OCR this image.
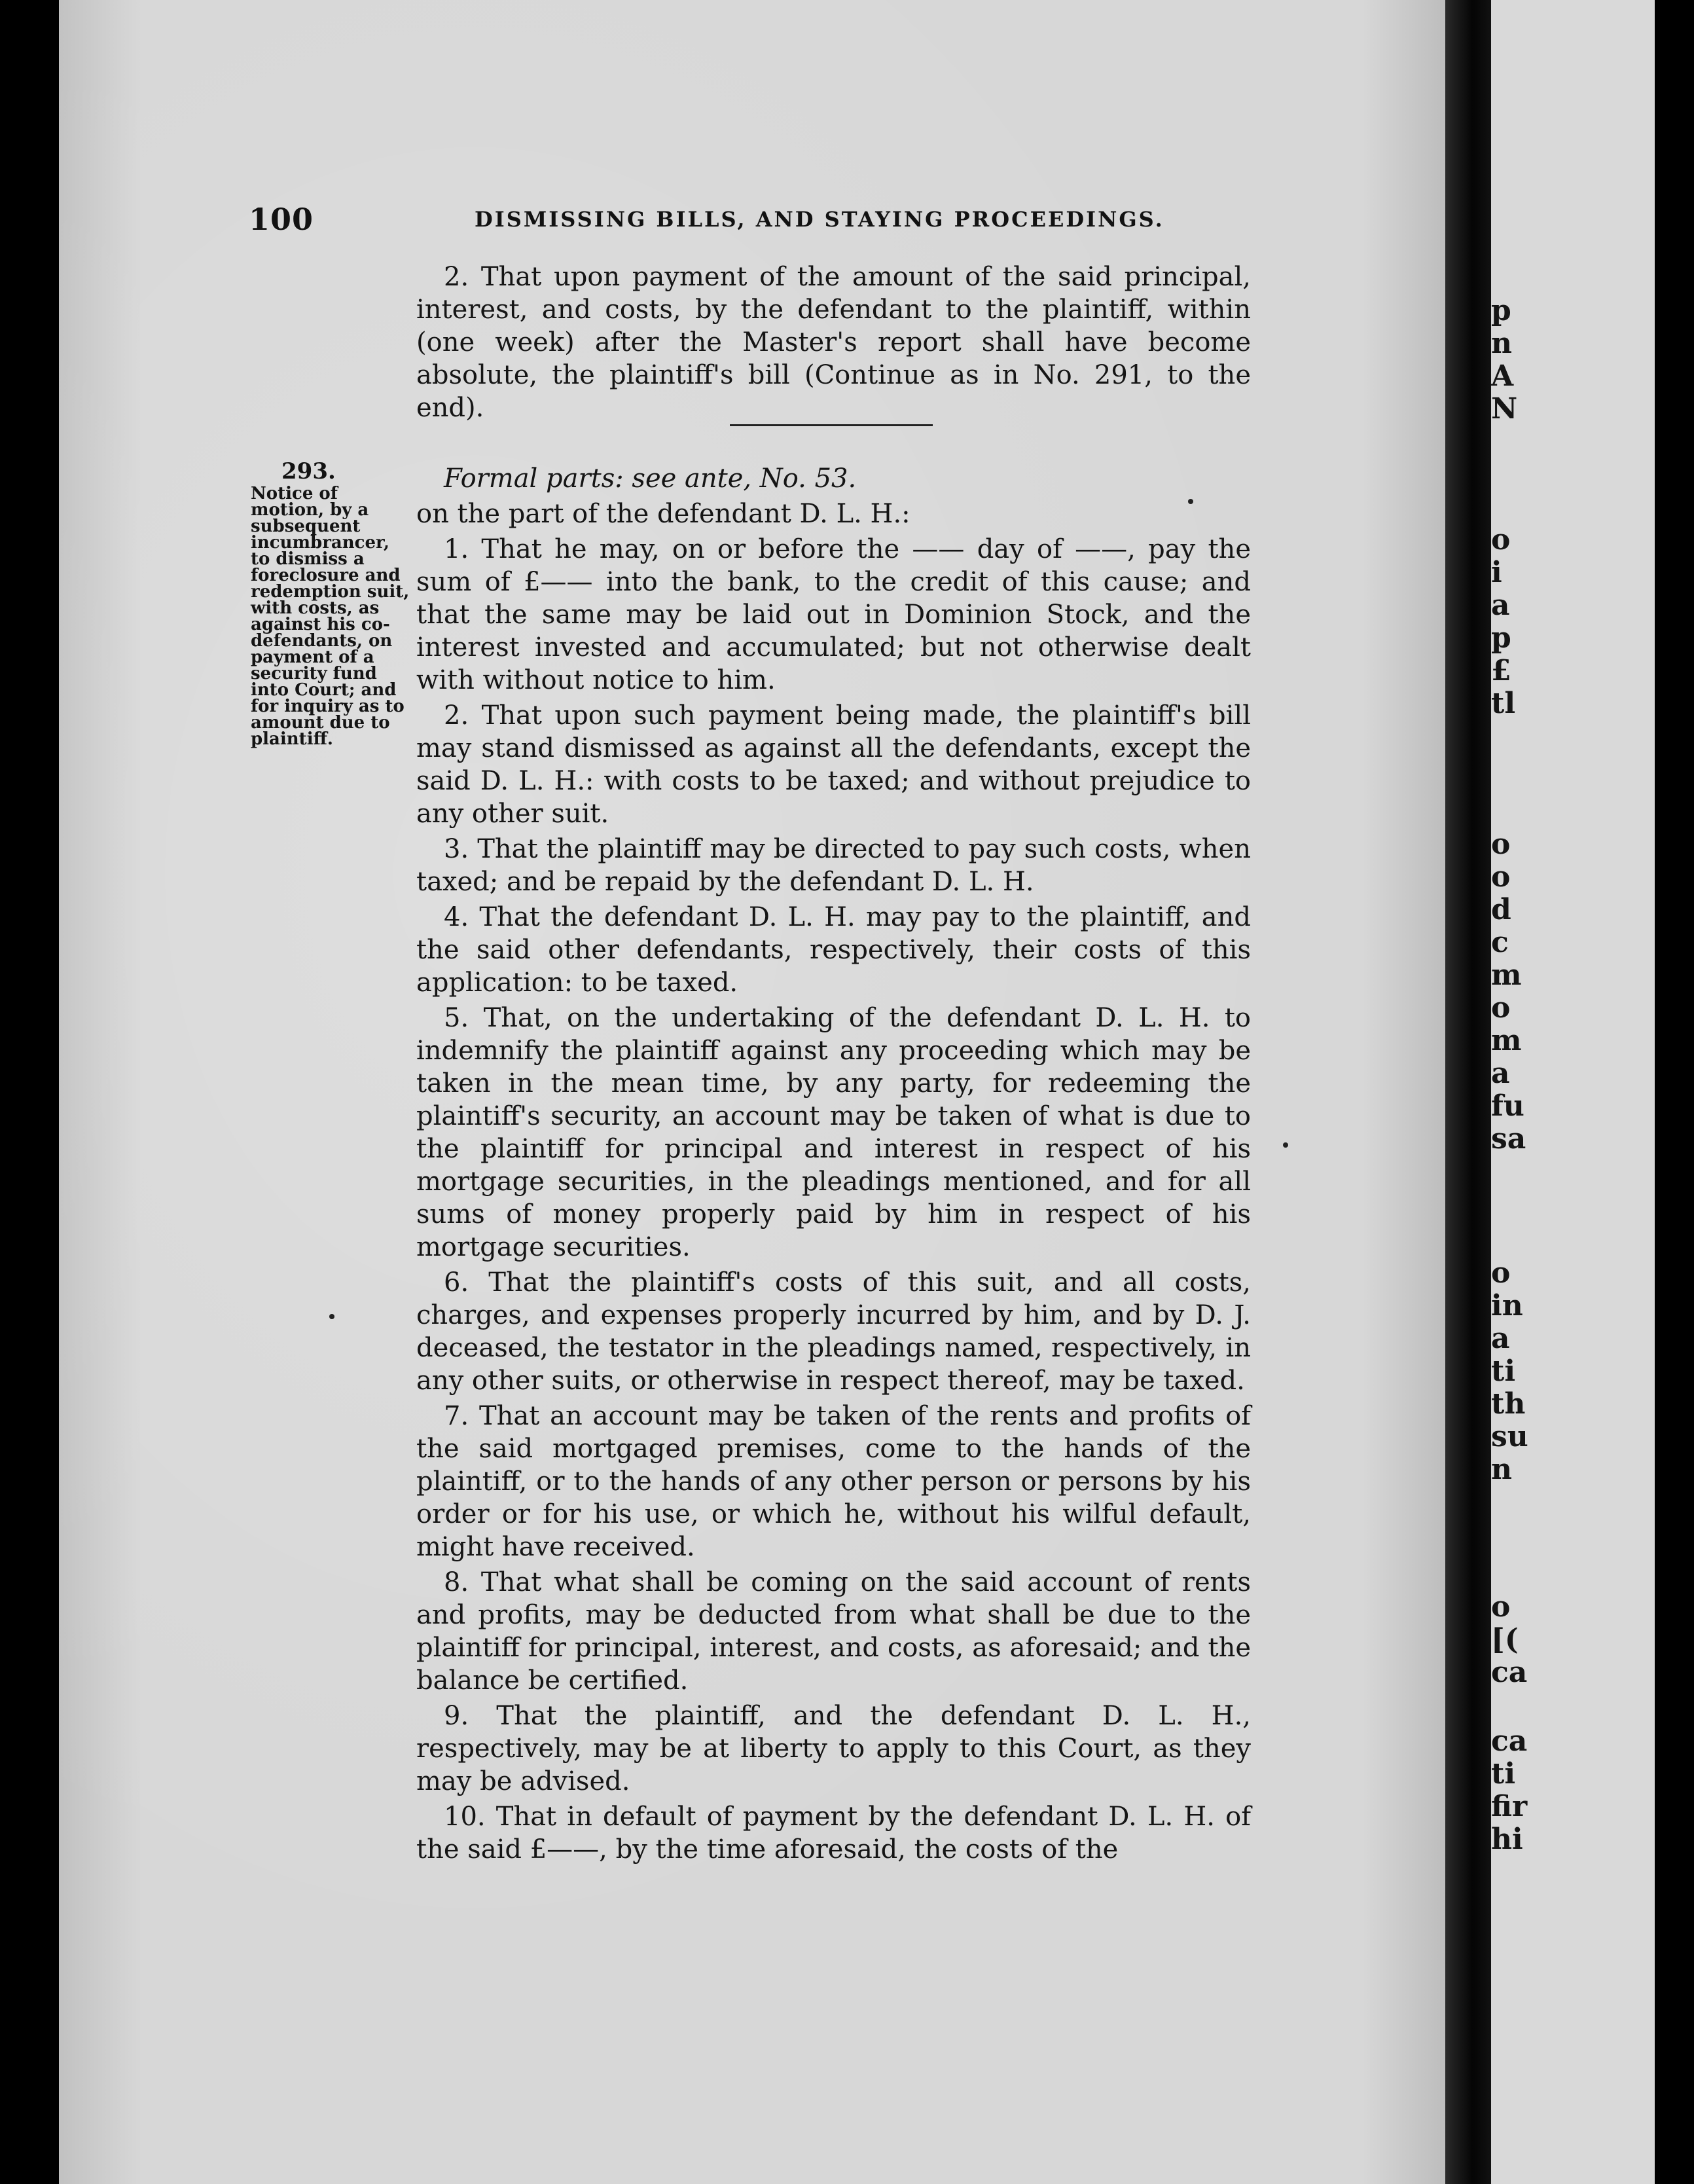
100	DISMISSING BILLS, AND STAYING PROCEEDINGS.

2. That upon payment of the amount of the said principal, interest, and costs, by the defendant to the plaintiff, within (one week) after the Master's report shall have become absolute, the plaintiff's bill (Continue as in No. 291, to the end).

293.
Notice of motion, by a subsequent incumbrancer, to dismiss a foreclosure and redemption suit, with costs, as against his co-defendants, on payment of a security fund into Court; and for inquiry as to amount due to plaintiff.

Formal parts: see ante, No. 53.

on the part of the defendant D. L. H.:

1. That he may, on or before the —— day of ——, pay the sum of £—— into the bank, to the credit of this cause; and that the same may be laid out in Dominion Stock, and the interest invested and accumulated; but not otherwise dealt with without notice to him.

2. That upon such payment being made, the plaintiff's bill may stand dismissed as against all the defendants, except the said D. L. H.: with costs to be taxed; and without prejudice to any other suit.

3. That the plaintiff may be directed to pay such costs, when taxed; and be repaid by the defendant D. L. H.

4. That the defendant D. L. H. may pay to the plaintiff, and the said other defendants, respectively, their costs of this application: to be taxed.

5. That, on the undertaking of the defendant D. L. H. to indemnify the plaintiff against any proceeding which may be taken in the mean time, by any party, for redeeming the plaintiff's security, an account may be taken of what is due to the plaintiff for principal and interest in respect of his mortgage securities, in the pleadings mentioned, and for all sums of money properly paid by him in respect of his mortgage securities.

6. That the plaintiff's costs of this suit, and all costs, charges, and expenses properly incurred by him, and by D. J. deceased, the testator in the pleadings named, respectively, in any other suits, or otherwise in respect thereof, may be taxed.

7. That an account may be taken of the rents and profits of the said mortgaged premises, come to the hands of the plaintiff, or to the hands of any other person or persons by his order or for his use, or which he, without his wilful default, might have received.

8. That what shall be coming on the said account of rents and profits, may be deducted from what shall be due to the plaintiff for principal, interest, and costs, as aforesaid; and the balance be certified.

9. That the plaintiff, and the defendant D. L. H., respectively, may be at liberty to apply to this Court, as they may be advised.

10. That in default of payment by the defendant D. L. H. of the said £——, by the time aforesaid, the costs of the

p
n
A
N
o
i
a
p
£
tl
o
o
d
c
m
o
m
a
fu
sa
o
in
a
ti
th
su
n
o
[(
ca
ca
ti
fir
hi
